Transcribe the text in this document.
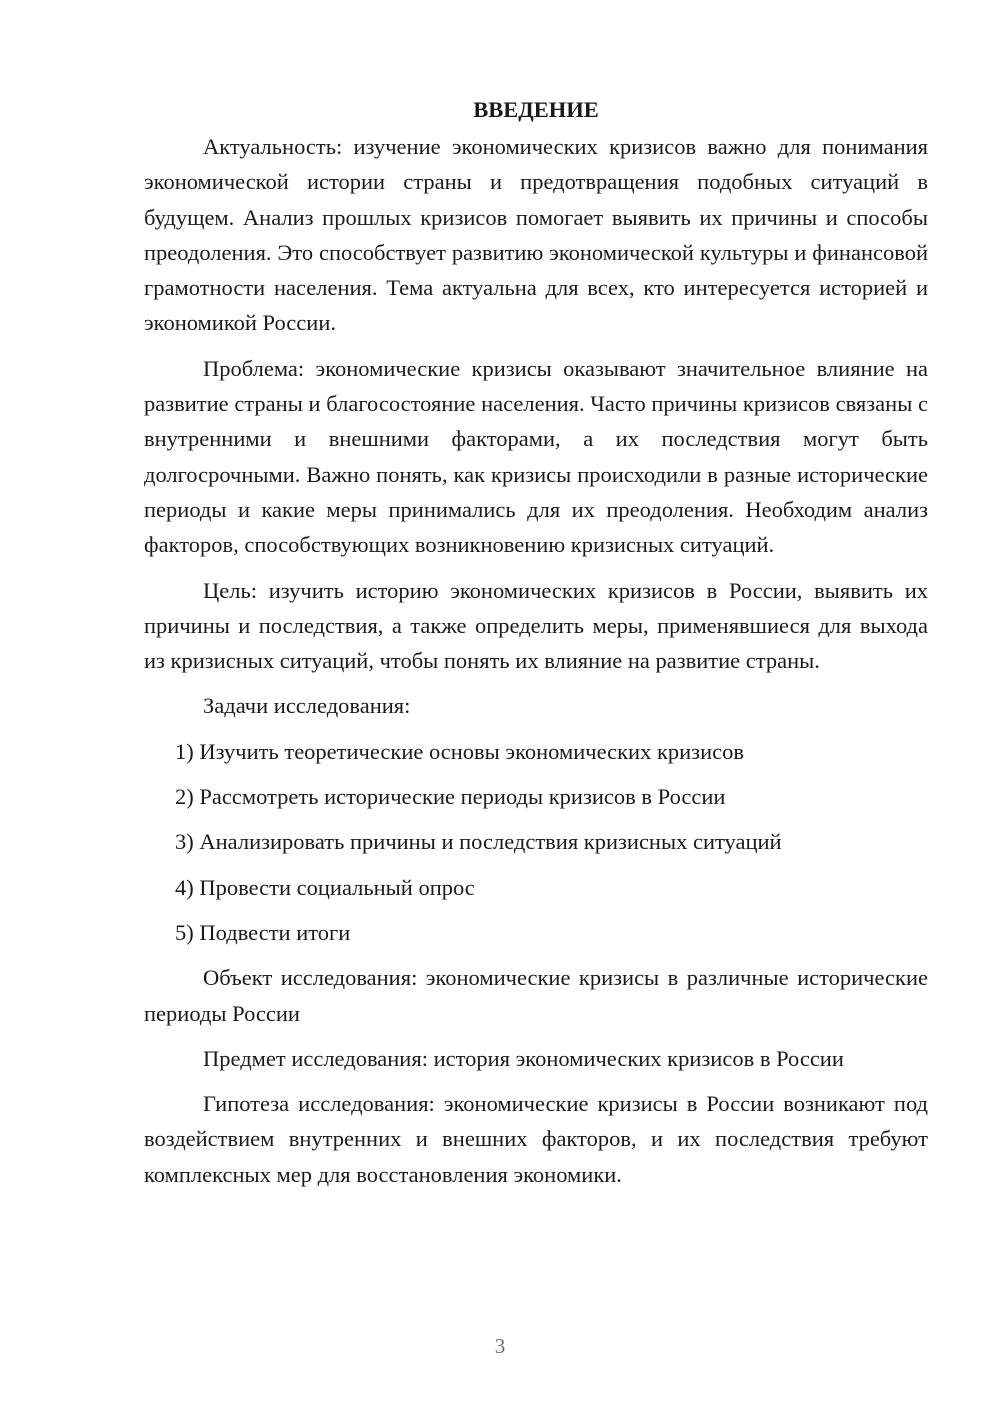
ВВЕДЕНИЕ

Актуальность: изучение экономических кризисов важно для понимания экономической истории страны и предотвращения подобных ситуаций в будущем. Анализ прошлых кризисов помогает выявить их причины и способы преодоления. Это способствует развитию экономической культуры и финансовой грамотности населения. Тема актуальна для всех, кто интересуется историей и экономикой России.

Проблема: экономические кризисы оказывают значительное влияние на развитие страны и благосостояние населения. Часто причины кризисов связаны с внутренними и внешними факторами, а их последствия могут быть долгосрочными. Важно понять, как кризисы происходили в разные исторические периоды и какие меры принимались для их преодоления. Необходим анализ факторов, способствующих возникновению кризисных ситуаций.

Цель: изучить историю экономических кризисов в России, выявить их причины и последствия, а также определить меры, применявшиеся для выхода из кризисных ситуаций, чтобы понять их влияние на развитие страны.

Задачи исследования:

1) Изучить теоретические основы экономических кризисов
2) Рассмотреть исторические периоды кризисов в России
3) Анализировать причины и последствия кризисных ситуаций
4) Провести социальный опрос
5) Подвести итоги

Объект исследования: экономические кризисы в различные исторические периоды России

Предмет исследования: история экономических кризисов в России

Гипотеза исследования: экономические кризисы в России возникают под воздействием внутренних и внешних факторов, и их последствия требуют комплексных мер для восстановления экономики.

3
